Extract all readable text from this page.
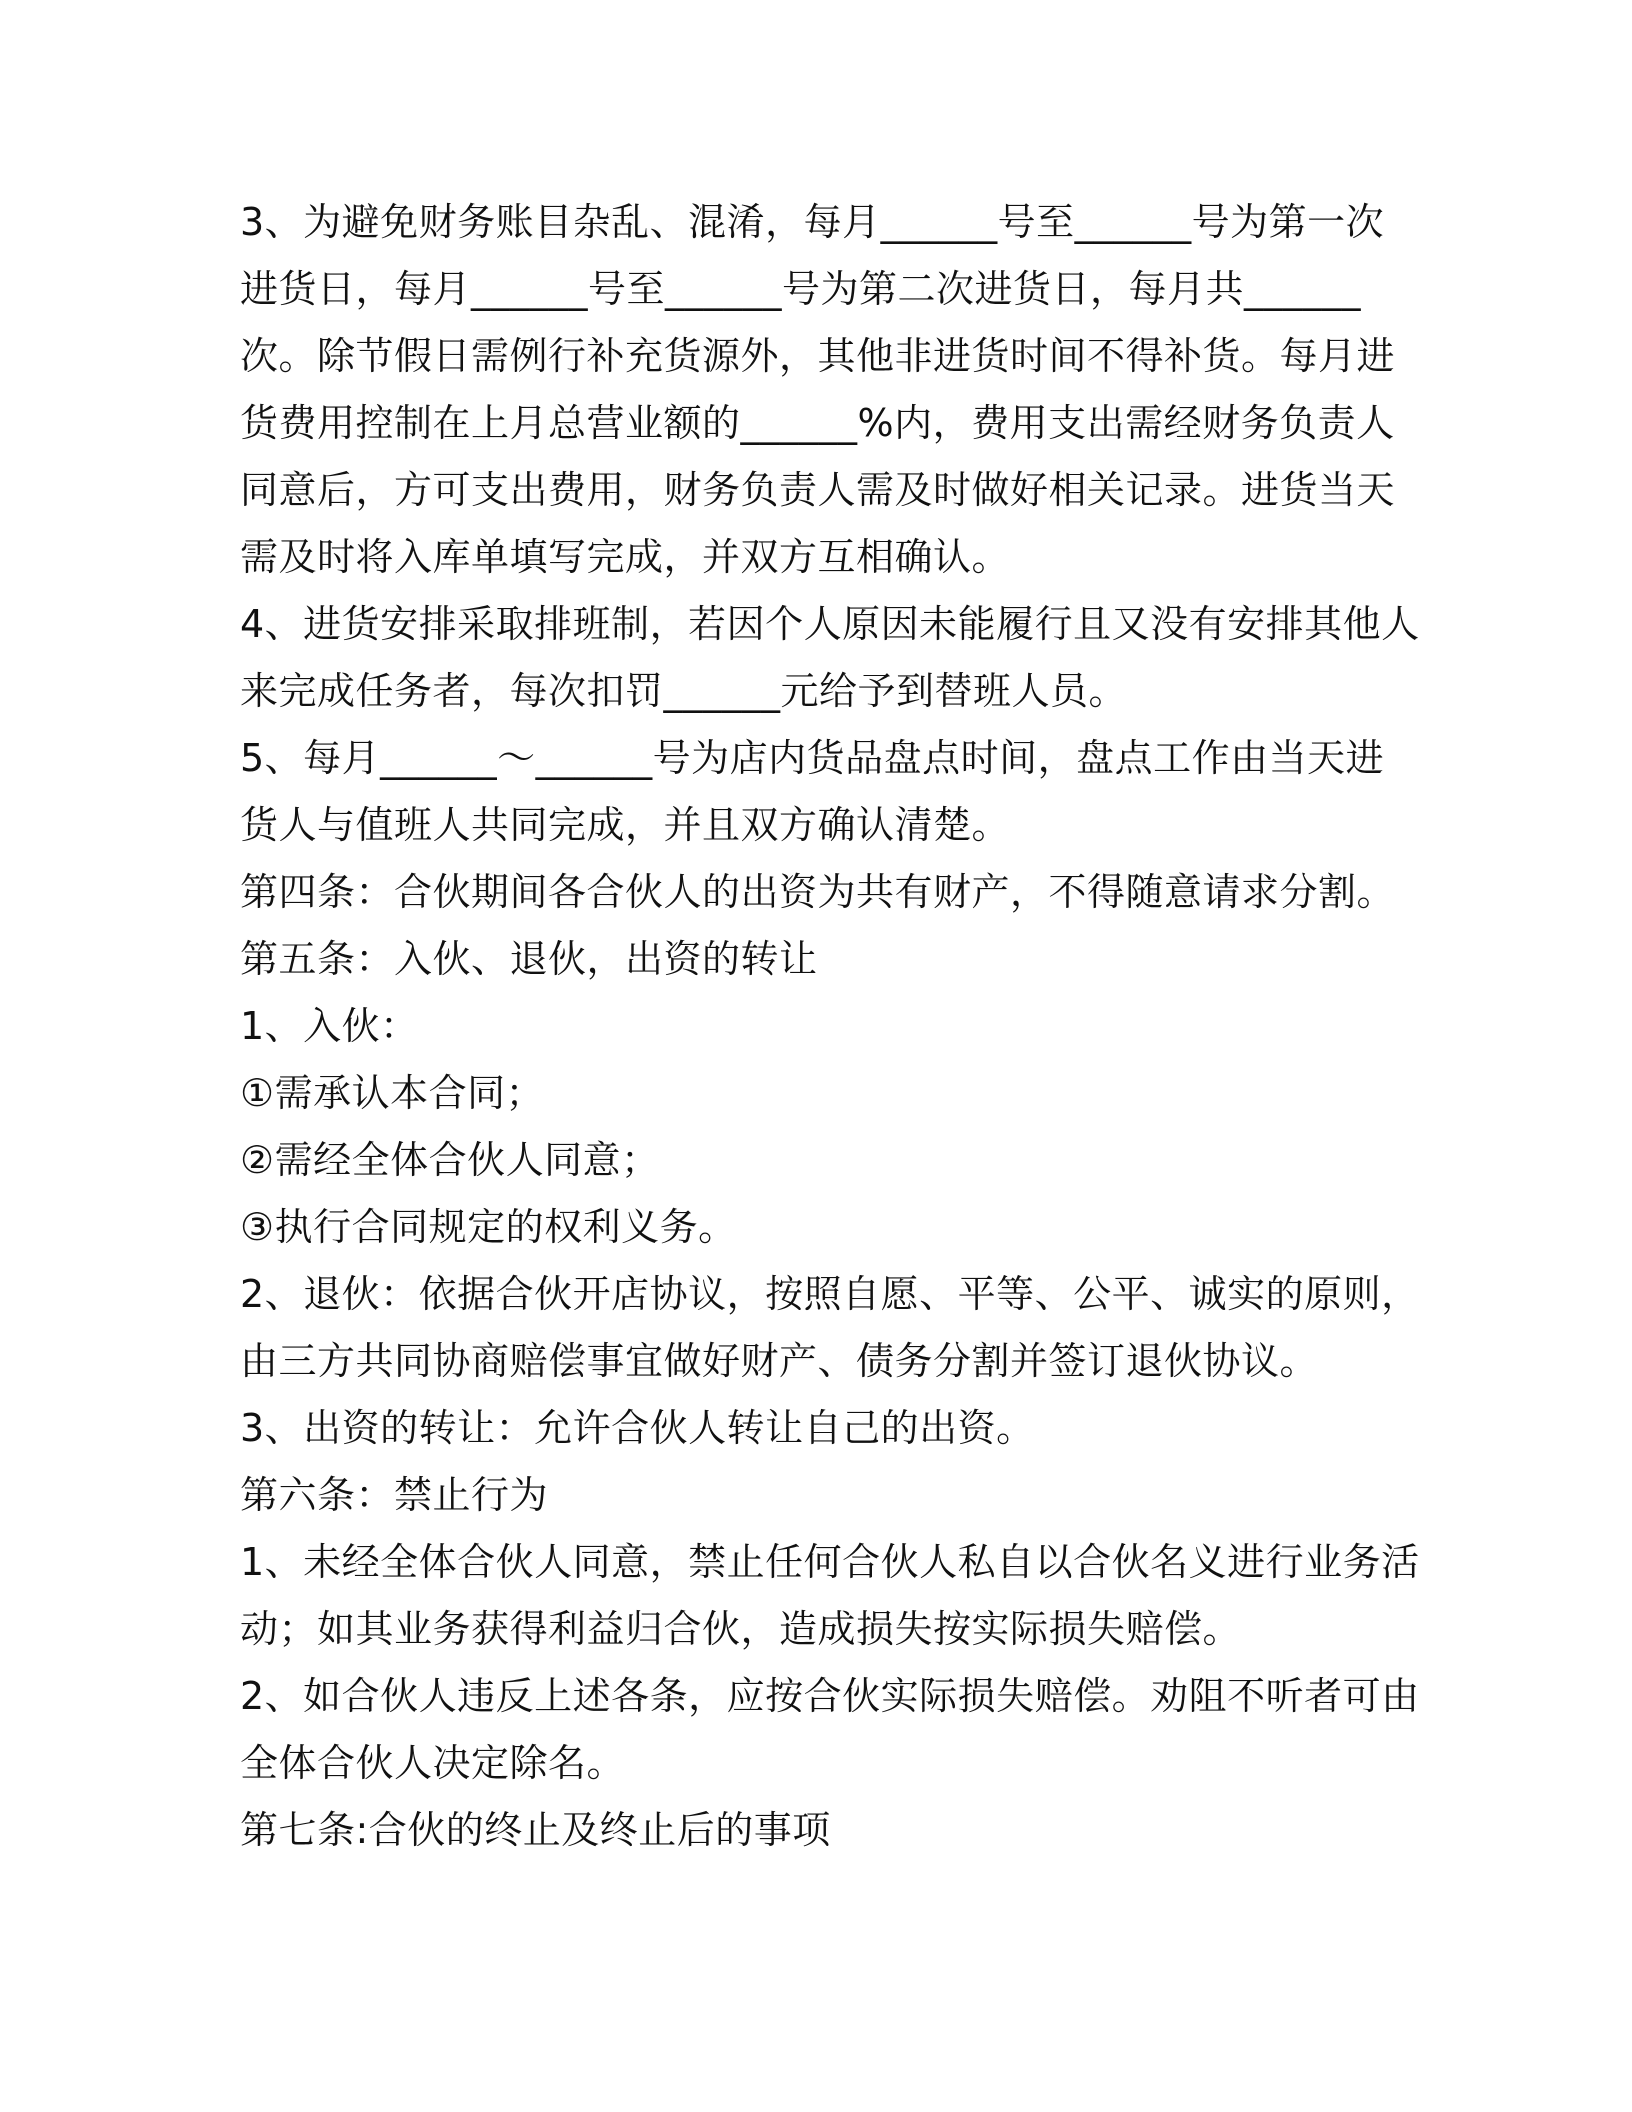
3、为避免财务账目杂乱、混淆，每月______号至______号为第一次
进货日，每月______号至______号为第二次进货日，每月共______
次。除节假日需例行补充货源外，其他非进货时间不得补货。每月进
货费用控制在上月总营业额的______%内，费用支出需经财务负责人
同意后，方可支出费用，财务负责人需及时做好相关记录。进货当天
需及时将入库单填写完成，并双方互相确认。
4、进货安排采取排班制，若因个人原因未能履行且又没有安排其他人
来完成任务者，每次扣罚______元给予到替班人员。
5、每月______～______号为店内货品盘点时间，盘点工作由当天进
货人与值班人共同完成，并且双方确认清楚。
第四条：合伙期间各合伙人的出资为共有财产，不得随意请求分割。
第五条：入伙、退伙，出资的转让
1、入伙：
①需承认本合同；
②需经全体合伙人同意；
③执行合同规定的权利义务。
2、退伙：依据合伙开店协议，按照自愿、平等、公平、诚实的原则，
由三方共同协商赔偿事宜做好财产、债务分割并签订退伙协议。
3、出资的转让：允许合伙人转让自己的出资。
第六条：禁止行为
1、未经全体合伙人同意，禁止任何合伙人私自以合伙名义进行业务活
动；如其业务获得利益归合伙，造成损失按实际损失赔偿。
2、如合伙人违反上述各条，应按合伙实际损失赔偿。劝阻不听者可由
全体合伙人决定除名。
第七条:合伙的终止及终止后的事项
